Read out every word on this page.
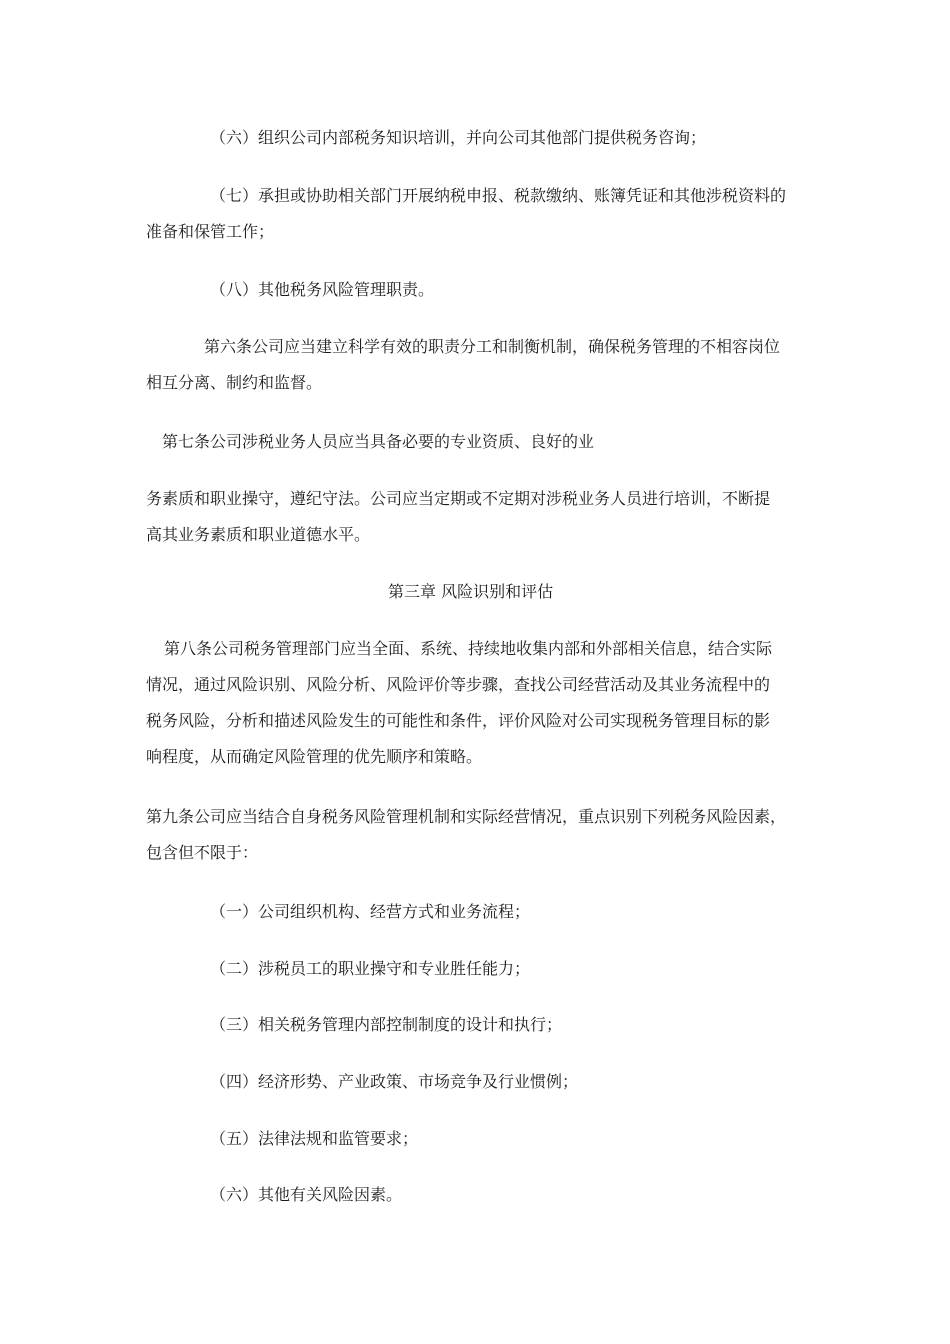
（六）组织公司内部税务知识培训，并向公司其他部门提供税务咨询；
（七）承担或协助相关部门开展纳税申报、税款缴纳、账簿凭证和其他涉税资料的
准备和保管工作；
（八）其他税务风险管理职责。
第六条公司应当建立科学有效的职责分工和制衡机制，确保税务管理的不相容岗位
相互分离、制约和监督。
第七条公司涉税业务人员应当具备必要的专业资质、良好的业
务素质和职业操守，遵纪守法。公司应当定期或不定期对涉税业务人员进行培训，不断提
高其业务素质和职业道德水平。
第三章 风险识别和评估
第八条公司税务管理部门应当全面、系统、持续地收集内部和外部相关信息，结合实际
情况，通过风险识别、风险分析、风险评价等步骤，查找公司经营活动及其业务流程中的
税务风险，分析和描述风险发生的可能性和条件，评价风险对公司实现税务管理目标的影
响程度，从而确定风险管理的优先顺序和策略。
第九条公司应当结合自身税务风险管理机制和实际经营情况，重点识别下列税务风险因素，
包含但不限于：
（一）公司组织机构、经营方式和业务流程；
（二）涉税员工的职业操守和专业胜任能力；
（三）相关税务管理内部控制制度的设计和执行；
（四）经济形势、产业政策、市场竞争及行业惯例；
（五）法律法规和监管要求；
（六）其他有关风险因素。
